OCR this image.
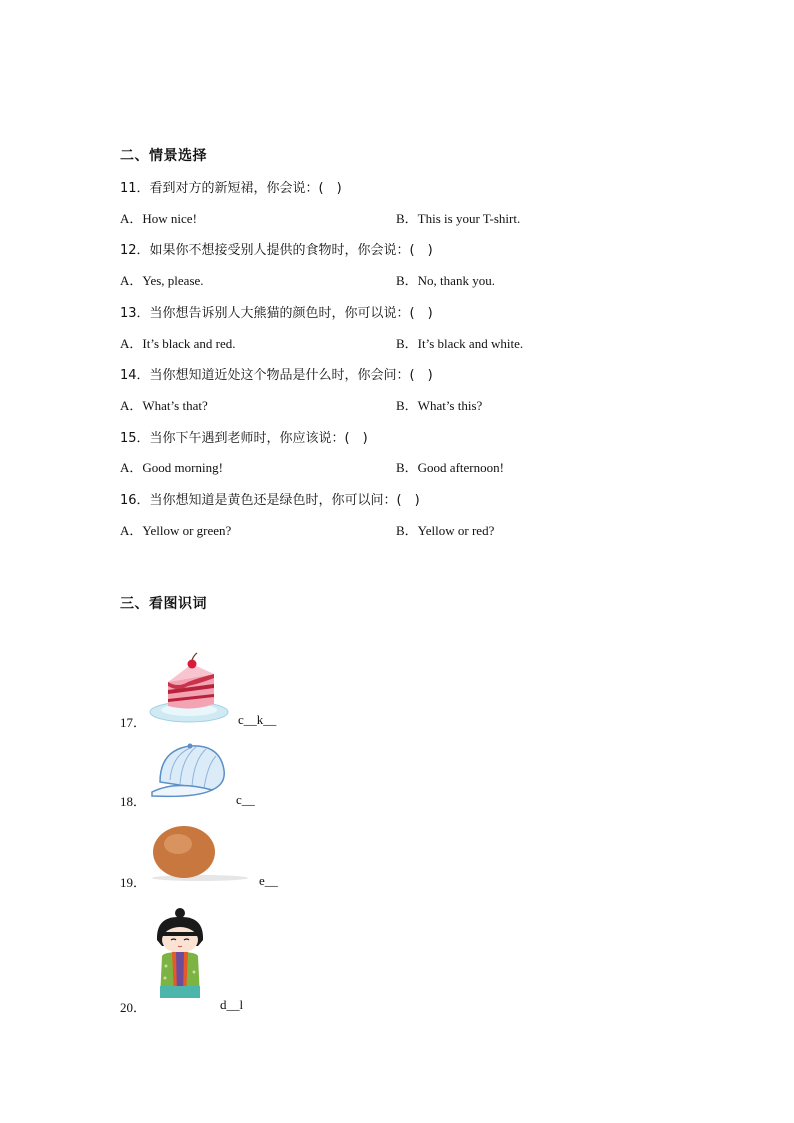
二、情景选择
11．看到对方的新短裙，你会说：(　)
A．How nice!	B．This is your T-shirt.
12．如果你不想接受别人提供的食物时，你会说：(　)
A．Yes, please.	B．No, thank you.
13．当你想告诉别人大熊猫的颜色时，你可以说：(　)
A．It’s black and red.	B．It’s black and white.
14．当你想知道近处这个物品是什么时，你会问：(　)
A．What’s that?	B．What’s this?
15．当你下午遇到老师时，你应该说：(　)
A．Good morning!	B．Good afternoon!
16．当你想知道是黄色还是绿色时，你可以问：(　)
A．Yellow or green?	B．Yellow or red?
三、看图识词
17．	c__k__
18．	c__
19．	e__
20．	d__l
